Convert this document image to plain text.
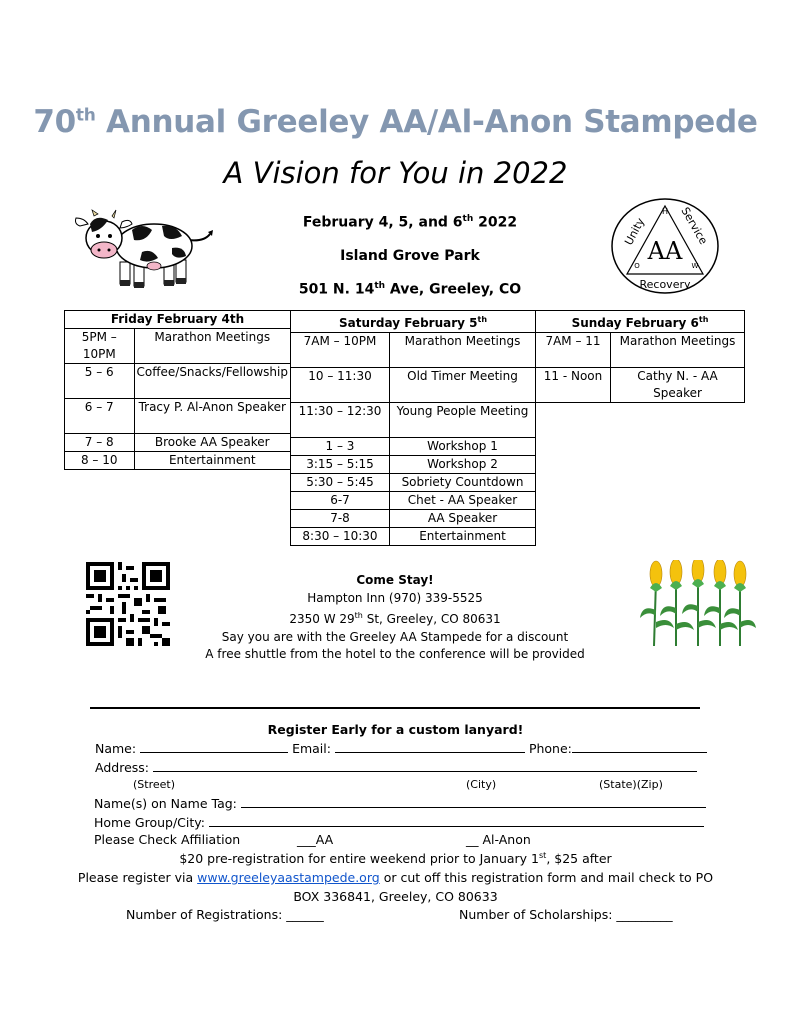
70th Annual Greeley AA/Al-Anon Stampede
A Vision for You in 2022
February 4, 5, and 6th 2022
Island Grove Park
501 N. 14th Ave, Greeley, CO
AA
H
O	W
Unity	Service
Recovery
Friday February 4th	
5PM – 10PM	Marathon Meetings
5 – 6	Coffee/Snacks/Fellowship
6 – 7	Tracy P. Al-Anon Speaker
7 – 8	Brooke AA Speaker
8 – 10	Entertainment
Saturday February 5th
7AM – 10PM	Marathon Meetings
10 – 11:30	Old Timer Meeting
11:30 – 12:30	Young People Meeting
1 – 3	Workshop 1
3:15 – 5:15	Workshop 2
5:30 – 5:45	Sobriety Countdown
6-7	Chet - AA Speaker
7-8	AA Speaker
8:30 – 10:30	Entertainment
Sunday February 6th
7AM – 11	Marathon Meetings
11 - Noon	Cathy N. - AA Speaker
Come Stay!
Hampton Inn (970) 339-5525
2350 W 29th St, Greeley, CO 80631
Say you are with the Greeley AA Stampede for a discount
A free shuttle from the hotel to the conference will be provided
Register Early for a custom lanyard!
Name:	Email:	Phone:
Address:
(Street)	(City)	(State)(Zip)
Name(s) on Name Tag:
Home Group/City:
Please Check Affiliation	___AA	__ Al-Anon
$20 pre-registration for entire weekend prior to January 1st, $25 after
Please register via www.greeleyaastampede.org or cut off this registration form and mail check to PO
BOX 336841, Greeley, CO 80633
Number of Registrations: ______	Number of Scholarships: _________
